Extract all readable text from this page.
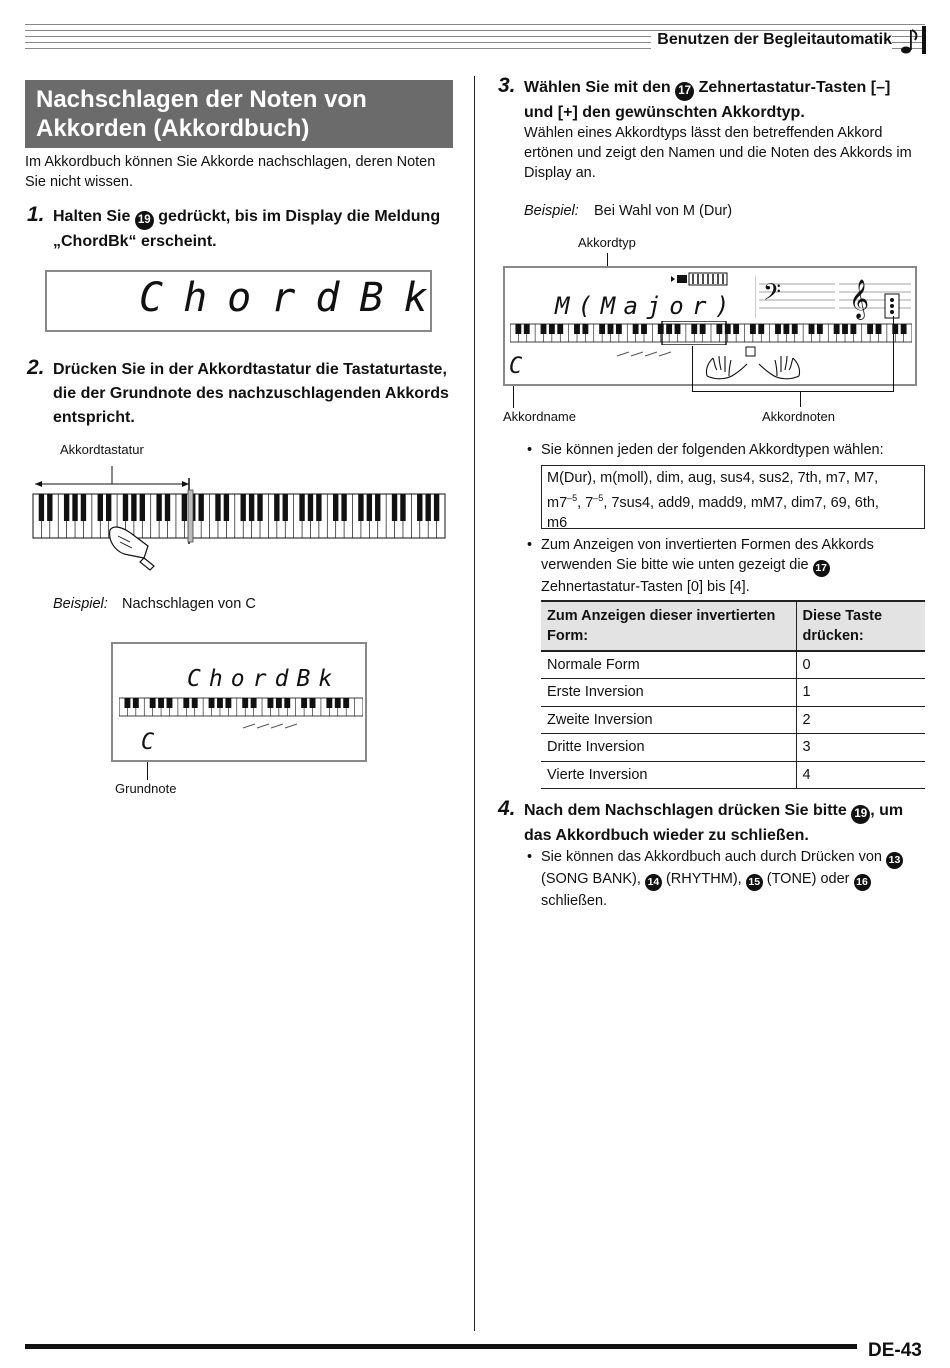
Benutzen der Begleitautomatik
Nachschlagen der Noten von Akkorden (Akkordbuch)
Im Akkordbuch können Sie Akkorde nachschlagen, deren Noten Sie nicht wissen.
1. Halten Sie 19 gedrückt, bis im Display die Meldung „ChordBk“ erscheint.
ChordBk
2. Drücken Sie in der Akkordtastatur die Tastaturtaste, die der Grundnote des nachzuschlagenden Akkords entspricht.
Akkordtastatur
Beispiel: Nachschlagen von C
ChordBk
C
Grundnote
3. Wählen Sie mit den 17 Zehnertastatur-Tasten [–] und [+] den gewünschten Akkordtyp.
Wählen eines Akkordtyps lässt den betreffenden Akkord ertönen und zeigt den Namen und die Noten des Akkords im Display an.
Beispiel: Bei Wahl von M (Dur)
Akkordtyp
M(Major) 𝄢 𝄞
C
Akkordname	Akkordnoten
• Sie können jeden der folgenden Akkordtypen wählen:
M(Dur), m(moll), dim, aug, sus4, sus2, 7th, m7, M7,
$m7^{-5}$, $7^{-5}$, 7sus4, add9, madd9, mM7, dim7, 69, 6th,
m6
• Zum Anzeigen von invertierten Formen des Akkords verwenden Sie bitte wie unten gezeigt die 17 Zehnertastatur-Tasten [0] bis [4].
Zum Anzeigen dieser invertierten Form:	Diese Taste drücken:
Normale Form	0
Erste Inversion	1
Zweite Inversion	2
Dritte Inversion	3
Vierte Inversion	4
4. Nach dem Nachschlagen drücken Sie bitte 19 , um das Akkordbuch wieder zu schließen.
• Sie können das Akkordbuch auch durch Drücken von 13 (SONG BANK), 14 (RHYTHM), 15 (TONE) oder 16 schließen.
DE-43
